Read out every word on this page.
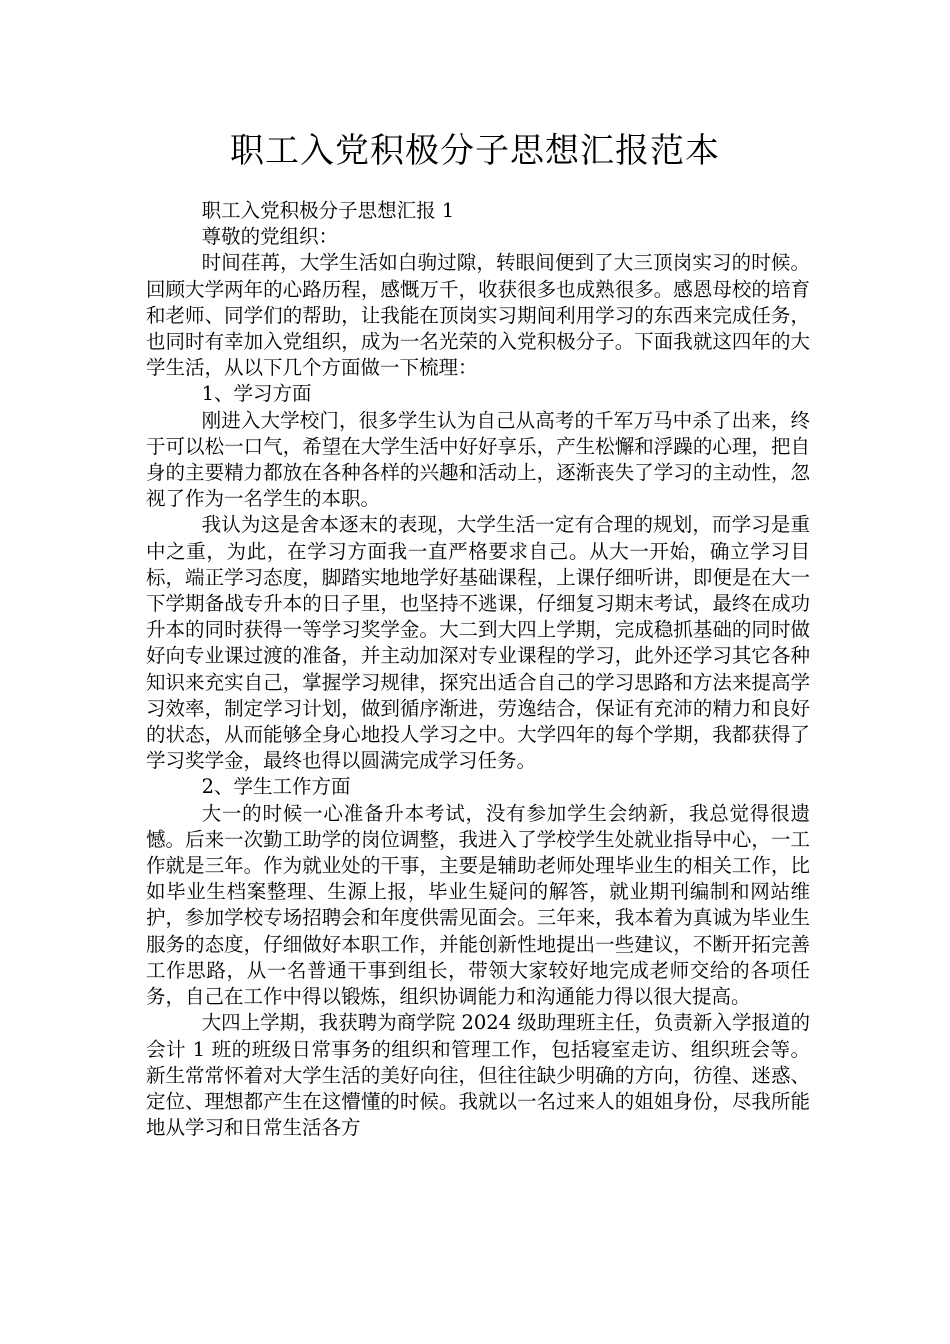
职工入党积极分子思想汇报范本

职工入党积极分子思想汇报 1

尊敬的党组织：

时间荏苒，大学生活如白驹过隙，转眼间便到了大三顶岗实习的时候。回顾大学两年的心路历程，感慨万千，收获很多也成熟很多。感恩母校的培育和老师、同学们的帮助，让我能在顶岗实习期间利用学习的东西来完成任务，也同时有幸加入党组织，成为一名光荣的入党积极分子。下面我就这四年的大学生活，从以下几个方面做一下梳理：

1、学习方面

刚进入大学校门，很多学生认为自己从高考的千军万马中杀了出来，终于可以松一口气，希望在大学生活中好好享乐，产生松懈和浮躁的心理，把自身的主要精力都放在各种各样的兴趣和活动上，逐渐丧失了学习的主动性，忽视了作为一名学生的本职。

我认为这是舍本逐末的表现，大学生活一定有合理的规划，而学习是重中之重，为此，在学习方面我一直严格要求自己。从大一开始，确立学习目标，端正学习态度，脚踏实地地学好基础课程，上课仔细听讲，即便是在大一下学期备战专升本的日子里，也坚持不逃课，仔细复习期末考试，最终在成功升本的同时获得一等学习奖学金。大二到大四上学期，完成稳抓基础的同时做好向专业课过渡的准备，并主动加深对专业课程的学习，此外还学习其它各种知识来充实自己，掌握学习规律，探究出适合自己的学习思路和方法来提高学习效率，制定学习计划，做到循序渐进，劳逸结合，保证有充沛的精力和良好的状态，从而能够全身心地投人学习之中。大学四年的每个学期，我都获得了学习奖学金，最终也得以圆满完成学习任务。

2、学生工作方面

大一的时候一心准备升本考试，没有参加学生会纳新，我总觉得很遗憾。后来一次勤工助学的岗位调整，我进入了学校学生处就业指导中心，一工作就是三年。作为就业处的干事，主要是辅助老师处理毕业生的相关工作，比如毕业生档案整理、生源上报，毕业生疑问的解答，就业期刊编制和网站维护，参加学校专场招聘会和年度供需见面会。三年来，我本着为真诚为毕业生服务的态度，仔细做好本职工作，并能创新性地提出一些建议，不断开拓完善工作思路，从一名普通干事到组长，带领大家较好地完成老师交给的各项任务，自己在工作中得以锻炼，组织协调能力和沟通能力得以很大提高。

大四上学期，我获聘为商学院 2024 级助理班主任，负责新入学报道的会计 1 班的班级日常事务的组织和管理工作，包括寝室走访、组织班会等。新生常常怀着对大学生活的美好向往，但往往缺少明确的方向，彷徨、迷惑、定位、理想都产生在这懵懂的时候。我就以一名过来人的姐姐身份，尽我所能地从学习和日常生活各方
